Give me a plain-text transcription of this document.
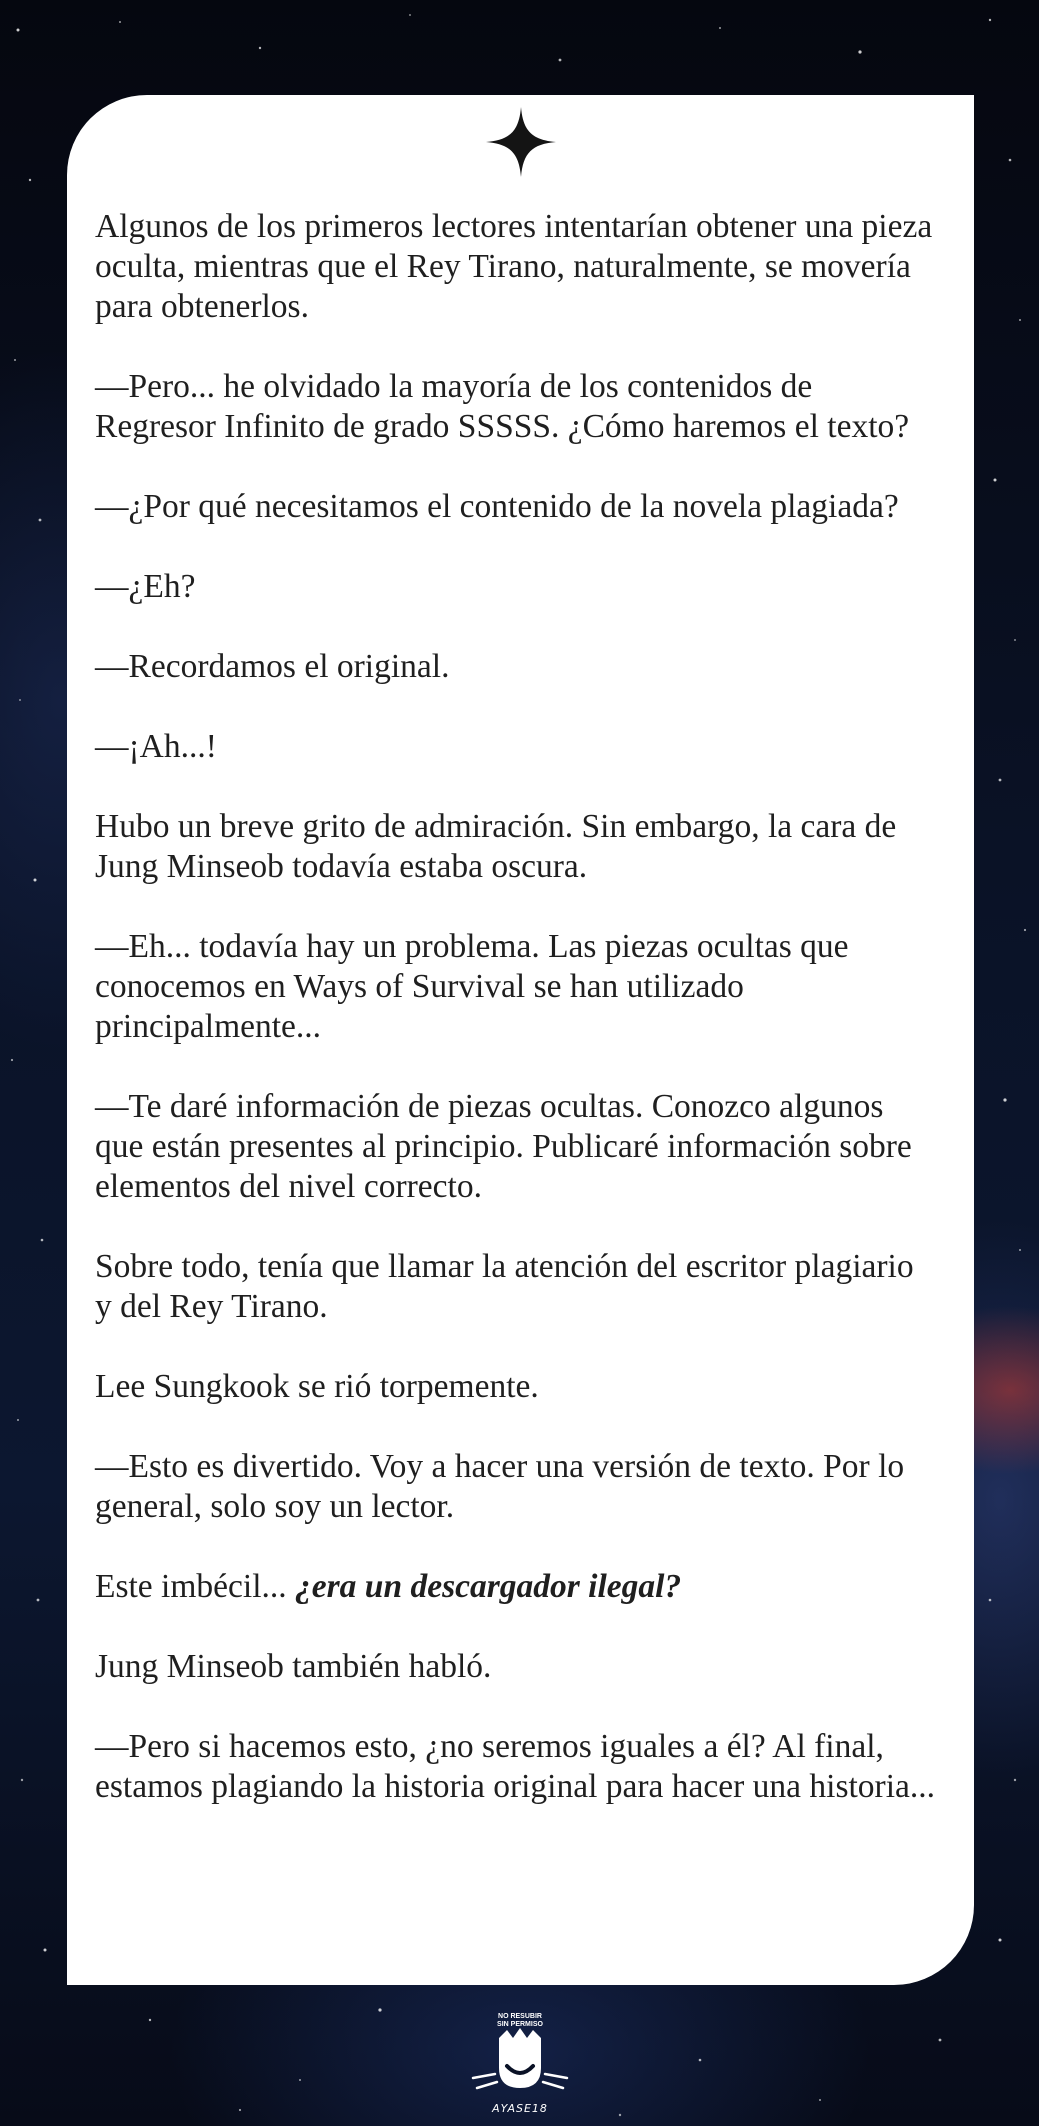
Algunos de los primeros lectores intentarían obtener una pieza oculta, mientras que el Rey Tirano, naturalmente, se movería para obtenerlos.

—Pero... he olvidado la mayoría de los contenidos de Regresor Infinito de grado SSSSS. ¿Cómo haremos el texto?

—¿Por qué necesitamos el contenido de la novela plagiada?

—¿Eh?

—Recordamos el original.

—¡Ah...!

Hubo un breve grito de admiración. Sin embargo, la cara de Jung Minseob todavía estaba oscura.

—Eh... todavía hay un problema. Las piezas ocultas que conocemos en Ways of Survival se han utilizado principalmente...

—Te daré información de piezas ocultas. Conozco algunos que están presentes al principio. Publicaré información sobre elementos del nivel correcto.

Sobre todo, tenía que llamar la atención del escritor plagiario y del Rey Tirano.

Lee Sungkook se rió torpemente.

—Esto es divertido. Voy a hacer una versión de texto. Por lo general, solo soy un lector.

Este imbécil... ¿era un descargador ilegal?

Jung Minseob también habló.

—Pero si hacemos esto, ¿no seremos iguales a él? Al final, estamos plagiando la historia original para hacer una historia...

NO RESUBIR
SIN PERMISO
AYASE18
